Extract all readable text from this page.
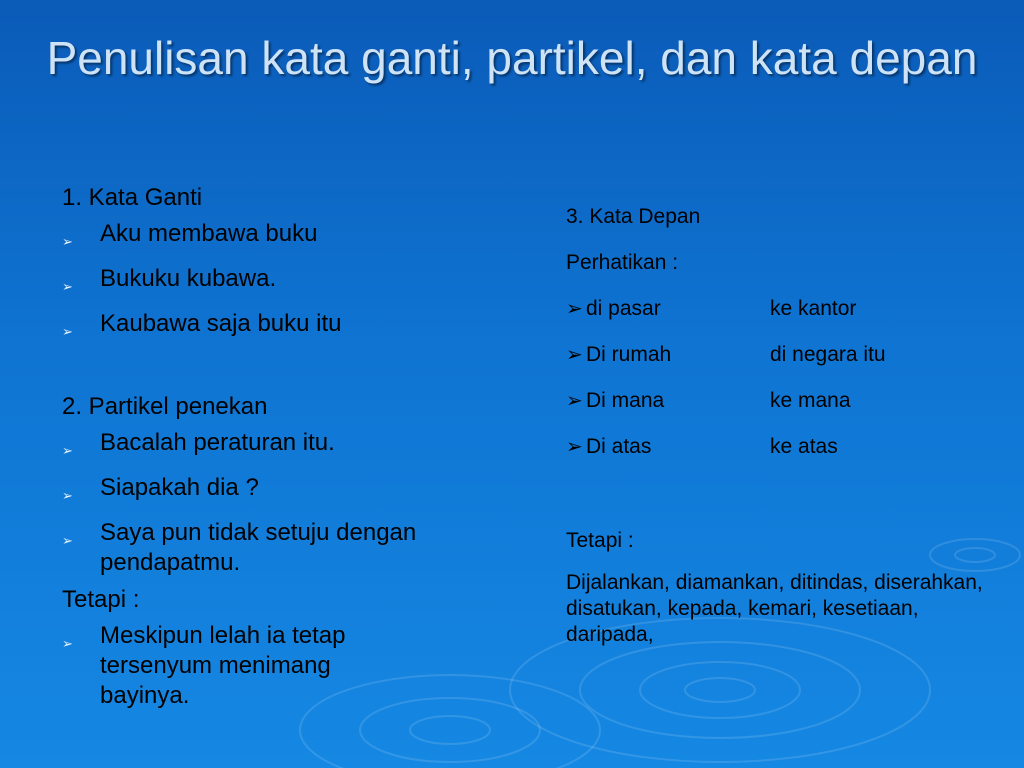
Penulisan kata ganti, partikel, dan kata depan
1. Kata Ganti
➢	Aku membawa buku
➢	Bukuku kubawa.
➢	Kaubawa saja buku itu
2. Partikel penekan
➢	Bacalah peraturan itu.
➢	Siapakah dia ?
➢	Saya pun tidak setuju dengan pendapatmu.
Tetapi :
➢	Meskipun lelah ia tetap tersenyum menimang bayinya.
3. Kata Depan
Perhatikan :
➢ di pasar	ke kantor
➢ Di rumah	di negara itu
➢ Di mana	ke mana
➢ Di atas	ke atas
Tetapi :
Dijalankan, diamankan, ditindas, diserahkan, disatukan, kepada, kemari, kesetiaan, daripada,
